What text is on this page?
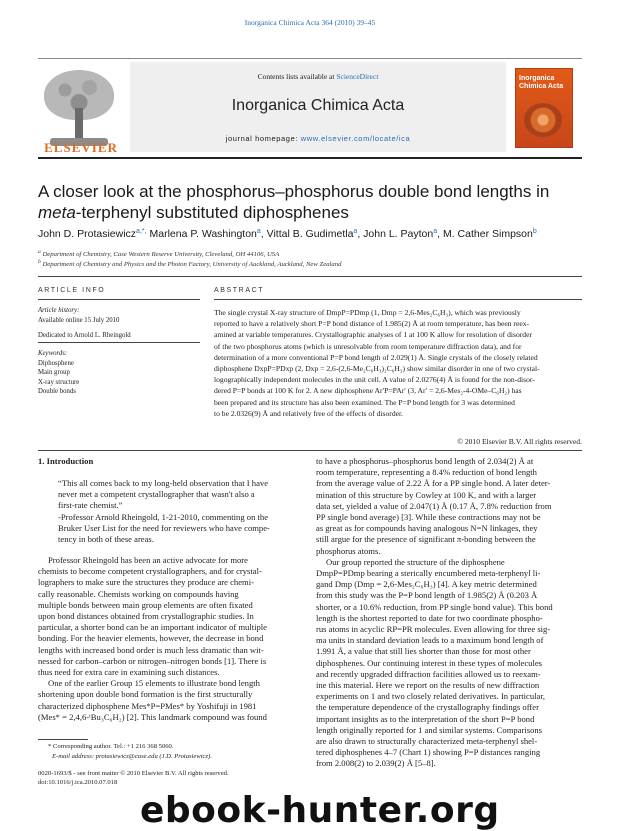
Inorganica Chimica Acta 364 (2010) 39–45
ELSEVIER
Contents lists available at ScienceDirect
Inorganica Chimica Acta
journal homepage: www.elsevier.com/locate/ica
Inorganica Chimica Acta
A closer look at the phosphorus–phosphorus double bond lengths in
meta-terphenyl substituted diphosphenes
John D. Protasiewicz$^{a,*,}$ Marlena P. Washington$^a$, Vittal B. Gudimetla$^a$, John L. Payton$^a$, M. Cather Simpson$^b$
$^a$ Department of Chemistry, Case Western Reserve University, Cleveland, OH 44106, USA
$^b$ Department of Chemistry and Physics and the Photon Factory, University of Auckland, Auckland, New Zealand
ARTICLE INFO
Article history:
Available online 15 July 2010
Dedicated to Arnold L. Rheingold
Keywords:
Diphosphene
Main group
X-ray structure
Double bonds
ABSTRACT
The single crystal X-ray structure of DmpP=PDmp (1, Dmp = 2,6-Mes₂C₆H₃), which was previously
reported to have a relatively short P=P bond distance of 1.985(2) Å at room temperature, has been reex-
amined at variable temperatures. Crystallographic analyses of 1 at 100 K allow for resolution of disorder
of the two phosphorus atoms (which is unresolvable from room temperature diffraction data), and for
determination of a more conventional P=P bond length of 2.029(1) Å. Single crystals of the closely related
diphosphene DxpP=PDxp (2, Dxp = 2,6-(2,6-Me₂C₆H₃)₂C₆H₃) show similar disorder in one of two crystal-
logographically independent molecules in the unit cell. A value of 2.0276(4) Å is found for the non-disor-
dered P=P bonds at 100 K for 2. A new diphosphene Ar′P=PAr′ (3, Ar′ = 2,6-Mes₂-4-OMe–C₆H₂) has
been prepared and its structure has also been examined. The P=P bond length for 3 was determined
to be 2.0326(9) Å and relatively free of the effects of disorder.
© 2010 Elsevier B.V. All rights reserved.
1. Introduction
“This all comes back to my long-held observation that I have
never met a competent crystallographer that wasn't also a
first-rate chemist.”
-Professor Arnold Rheingold, 1-21-2010, commenting on the
Bruker User List for the need for reviewers who have compe-
tency in both of these areas.
Professor Rheingold has been an active advocate for more
chemists to become competent crystallographers, and for crystal-
lographers to make sure the structures they produce are chemi-
cally reasonable. Chemists working on compounds having
multiple bonds between main group elements are often fixated
upon bond distances obtained from crystallographic studies. In
particular, a shorter bond can be an important indicator of multiple
bonding. For the heavier elements, however, the decrease in bond
lengths with increased bond order is much less dramatic than wit-
nessed for carbon–carbon or nitrogen–nitrogen bonds [1]. There is
thus need for extra care in examining such distances.
One of the earlier Group 15 elements to illustrate bond length
shortening upon double bond formation is the first structurally
characterized diphosphene Mes*P=PMes* by Yoshifuji in 1981
(Mes* = 2,4,6-ᵗBu₃C₆H₂) [2]. This landmark compound was found
to have a phosphorus–phosphorus bond length of 2.034(2) Å at
room temperature, representing a 8.4% reduction of bond length
from the average value of 2.22 Å for a PP single bond. A later deter-
mination of this structure by Cowley at 100 K, and with a larger
data set, yielded a value of 2.047(1) Å (0.17 Å, 7.8% reduction from
PP single bond average) [3]. While these contractions may not be
as great as for compounds having analogous N=N linkages, they
still argue for the presence of significant π-bonding between the
phosphorus atoms.
Our group reported the structure of the diphosphene
DmpP=PDmp bearing a sterically encumbered meta-terphenyl li-
gand Dmp (Dmp = 2,6-Mes₂C₆H₃) [4]. A key metric determined
from this study was the P=P bond length of 1.985(2) Å (0.203 Å
shorter, or a 10.6% reduction, from PP single bond value). This bond
length is the shortest reported to date for two coordinate phospho-
rus atoms in acyclic RP=PR molecules. Even allowing for three sig-
ma units in standard deviation leads to a maximum bond length of
1.991 Å, a value that still lies shorter than those for most other
diphosphenes. Our continuing interest in these types of molecules
and recently upgraded diffraction facilities allowed us to reexam-
ine this material. Here we report on the results of new diffraction
experiments on 1 and two closely related derivatives. In particular,
the temperature dependence of the crystallography findings offer
important insights as to the interpretation of the short P=P bond
length originally reported for 1 and similar systems. Comparisons
are also drawn to structurally characterized meta-terphenyl shel-
tered diphosphenes 4–7 (Chart 1) showing P=P distances ranging
from 2.008(2) to 2.039(2) Å [5–8].
* Corresponding author. Tel.: +1 216 368 5060.
E-mail address: protasiewicz@case.edu (J.D. Protasiewicz).
0020-1693/$ - see front matter © 2010 Elsevier B.V. All rights reserved.
doi:10.1016/j.ica.2010.07.018
ebook-hunter.org
